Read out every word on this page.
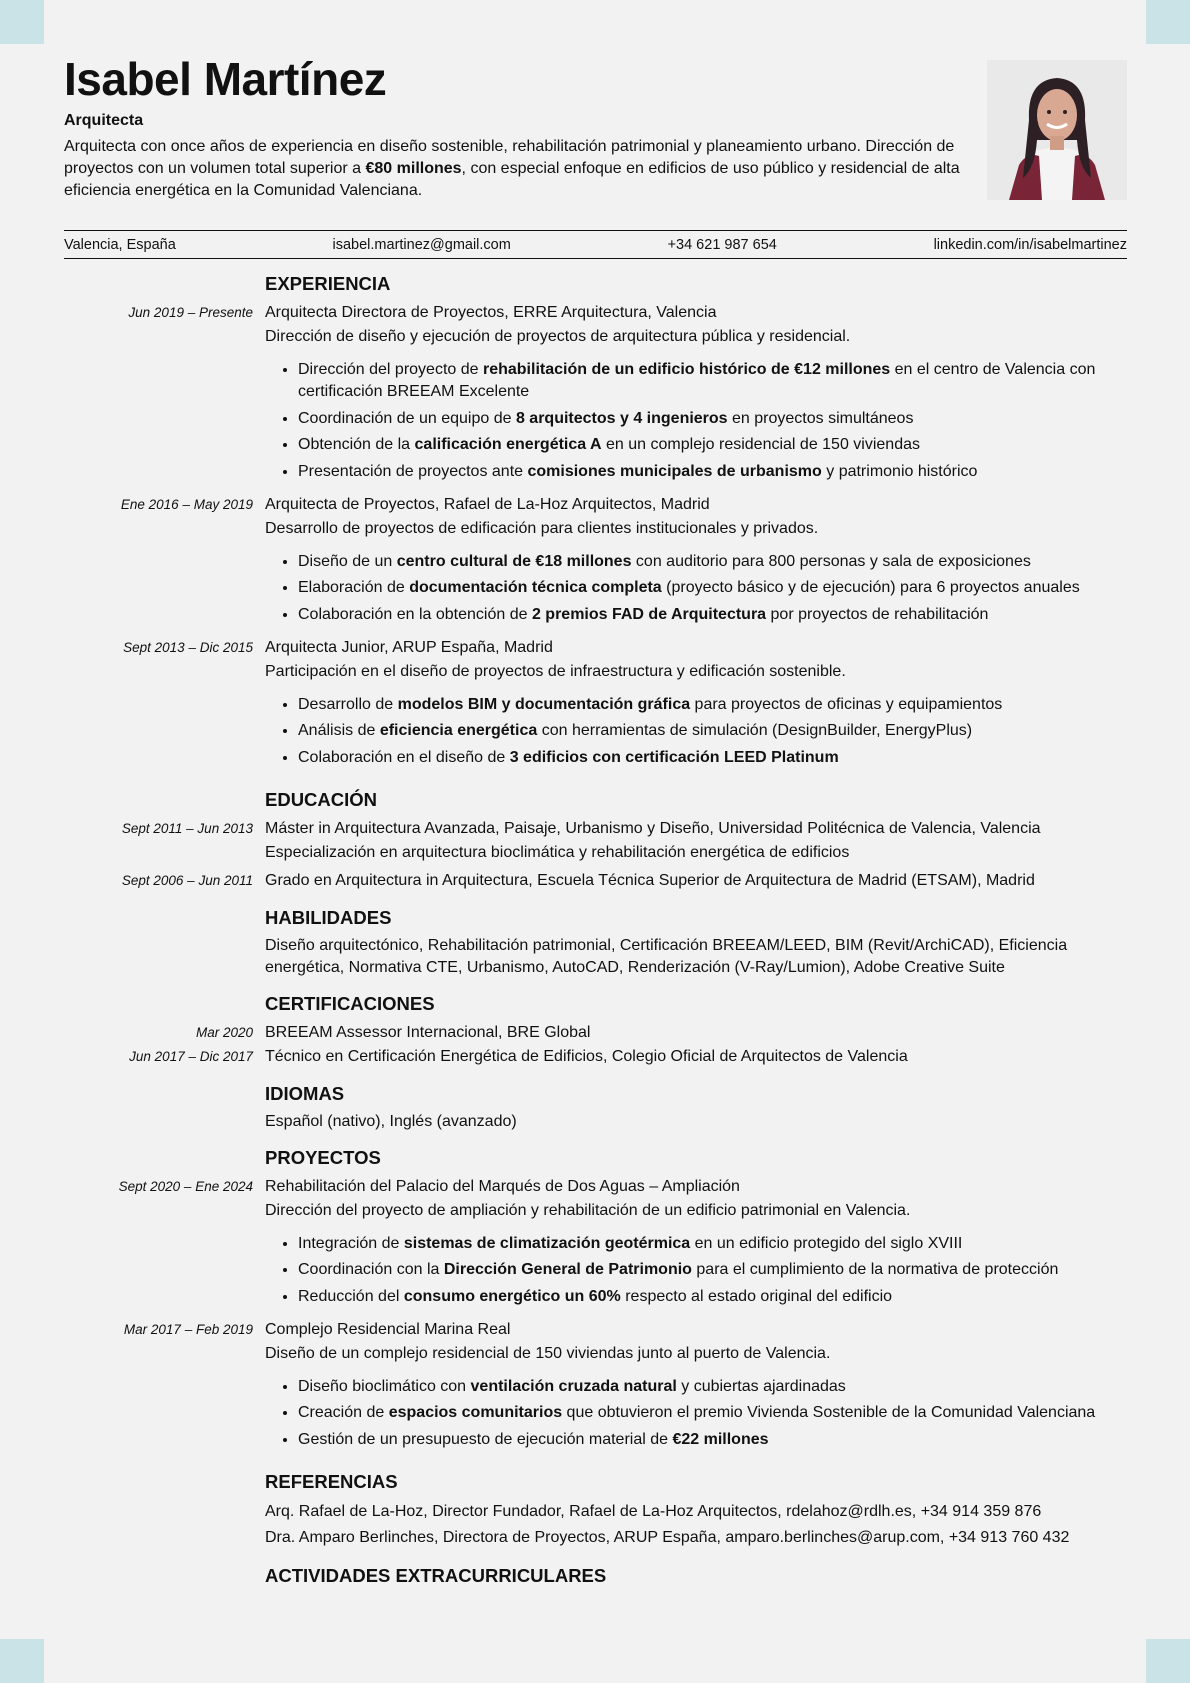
Isabel Martínez
Arquitecta
Arquitecta con once años de experiencia en diseño sostenible, rehabilitación patrimonial y planeamiento urbano. Dirección de proyectos con un volumen total superior a €80 millones, con especial enfoque en edificios de uso público y residencial de alta eficiencia energética en la Comunidad Valenciana.
Valencia, España	isabel.martinez@gmail.com	+34 621 987 654	linkedin.com/in/isabelmartinez
EXPERIENCIA
Jun 2019 – Presente Arquitecta Directora de Proyectos, ERRE Arquitectura, Valencia
Dirección de diseño y ejecución de proyectos de arquitectura pública y residencial.
• Dirección del proyecto de rehabilitación de un edificio histórico de €12 millones en el centro de Valencia con certificación BREEAM Excelente
• Coordinación de un equipo de 8 arquitectos y 4 ingenieros en proyectos simultáneos
• Obtención de la calificación energética A en un complejo residencial de 150 viviendas
• Presentación de proyectos ante comisiones municipales de urbanismo y patrimonio histórico
Ene 2016 – May 2019 Arquitecta de Proyectos, Rafael de La-Hoz Arquitectos, Madrid
Desarrollo de proyectos de edificación para clientes institucionales y privados.
• Diseño de un centro cultural de €18 millones con auditorio para 800 personas y sala de exposiciones
• Elaboración de documentación técnica completa (proyecto básico y de ejecución) para 6 proyectos anuales
• Colaboración en la obtención de 2 premios FAD de Arquitectura por proyectos de rehabilitación
Sept 2013 – Dic 2015 Arquitecta Junior, ARUP España, Madrid
Participación en el diseño de proyectos de infraestructura y edificación sostenible.
• Desarrollo de modelos BIM y documentación gráfica para proyectos de oficinas y equipamientos
• Análisis de eficiencia energética con herramientas de simulación (DesignBuilder, EnergyPlus)
• Colaboración en el diseño de 3 edificios con certificación LEED Platinum
EDUCACIÓN
Sept 2011 – Jun 2013 Máster in Arquitectura Avanzada, Paisaje, Urbanismo y Diseño, Universidad Politécnica de Valencia, Valencia
Especialización en arquitectura bioclimática y rehabilitación energética de edificios
Sept 2006 – Jun 2011 Grado en Arquitectura in Arquitectura, Escuela Técnica Superior de Arquitectura de Madrid (ETSAM), Madrid
HABILIDADES
Diseño arquitectónico, Rehabilitación patrimonial, Certificación BREEAM/LEED, BIM (Revit/ArchiCAD), Eficiencia energética, Normativa CTE, Urbanismo, AutoCAD, Renderización (V-Ray/Lumion), Adobe Creative Suite
CERTIFICACIONES
Mar 2020 BREEAM Assessor Internacional, BRE Global
Jun 2017 – Dic 2017 Técnico en Certificación Energética de Edificios, Colegio Oficial de Arquitectos de Valencia
IDIOMAS
Español (nativo), Inglés (avanzado)
PROYECTOS
Sept 2020 – Ene 2024 Rehabilitación del Palacio del Marqués de Dos Aguas – Ampliación
Dirección del proyecto de ampliación y rehabilitación de un edificio patrimonial en Valencia.
• Integración de sistemas de climatización geotérmica en un edificio protegido del siglo XVIII
• Coordinación con la Dirección General de Patrimonio para el cumplimiento de la normativa de protección
• Reducción del consumo energético un 60% respecto al estado original del edificio
Mar 2017 – Feb 2019 Complejo Residencial Marina Real
Diseño de un complejo residencial de 150 viviendas junto al puerto de Valencia.
• Diseño bioclimático con ventilación cruzada natural y cubiertas ajardinadas
• Creación de espacios comunitarios que obtuvieron el premio Vivienda Sostenible de la Comunidad Valenciana
• Gestión de un presupuesto de ejecución material de €22 millones
REFERENCIAS
Arq. Rafael de La-Hoz, Director Fundador, Rafael de La-Hoz Arquitectos, rdelahoz@rdlh.es, +34 914 359 876
Dra. Amparo Berlinches, Directora de Proyectos, ARUP España, amparo.berlinches@arup.com, +34 913 760 432
ACTIVIDADES EXTRACURRICULARES
